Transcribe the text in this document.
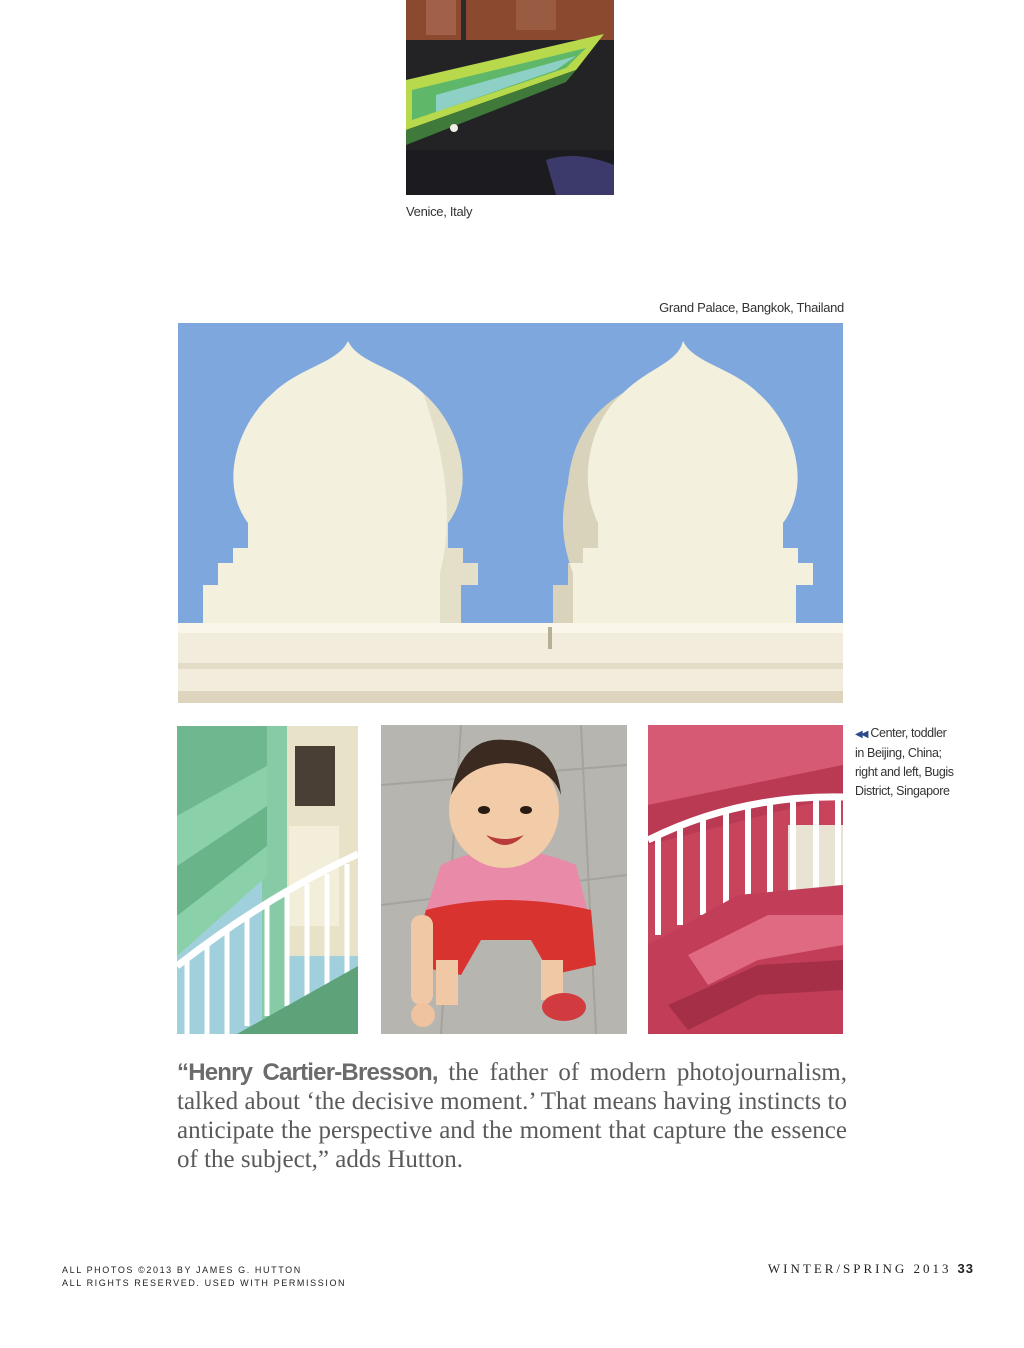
Venice, Italy
Grand Palace, Bangkok, Thailand
◀◀ Center, toddler
in Beijing, China;
right and left, Bugis
District, Singapore
“Henry Cartier-Bresson, the father of modern photojournalism, talked about ‘the decisive moment.’ That means having instincts to anticipate the perspective and the moment that capture the essence of the subject,” adds Hutton.
ALL PHOTOS ©2013 BY JAMES G. HUTTON
ALL RIGHTS RESERVED. USED WITH PERMISSION
WINTER/SPRING 2013 33
